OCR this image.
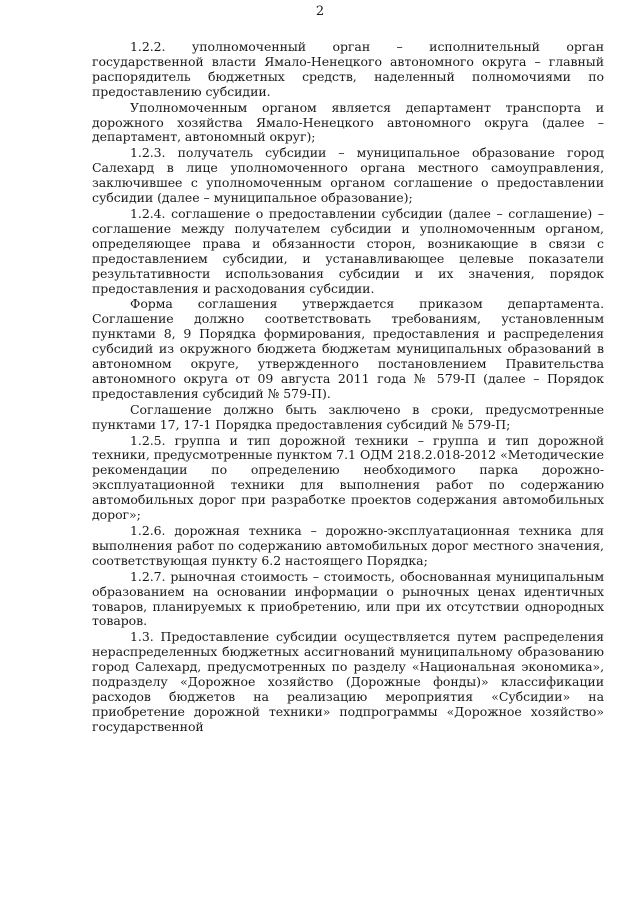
2

1.2.2. уполномоченный орган – исполнительный орган государственной власти Ямало-Ненецкого автономного округа – главный распорядитель бюджетных средств, наделенный полномочиями по предоставлению субсидии.

Уполномоченным органом является департамент транспорта и дорожного хозяйства Ямало-Ненецкого автономного округа (далее – департамент, автономный округ);

1.2.3. получатель субсидии – муниципальное образование город Салехард в лице уполномоченного органа местного самоуправления, заключившее с уполномоченным органом соглашение о предоставлении субсидии (далее – муниципальное образование);

1.2.4. соглашение о предоставлении субсидии (далее – соглашение) – соглашение между получателем субсидии и уполномоченным органом, определяющее права и обязанности сторон, возникающие в связи с предоставлением субсидии, и устанавливающее целевые показатели результативности использования субсидии и их значения, порядок предоставления и расходования субсидии.

Форма соглашения утверждается приказом департамента. Соглашение должно соответствовать требованиям, установленным пунктами 8, 9 Порядка формирования, предоставления и распределения субсидий из окружного бюджета бюджетам муниципальных образований в автономном округе, утвержденного постановлением Правительства автономного округа от 09 августа 2011 года № 579-П (далее – Порядок предоставления субсидий № 579-П).

Соглашение должно быть заключено в сроки, предусмотренные пунктами 17, 17-1 Порядка предоставления субсидий № 579-П;

1.2.5. группа и тип дорожной техники – группа и тип дорожной техники, предусмотренные пунктом 7.1 ОДМ 218.2.018-2012 «Методические рекомендации по определению необходимого парка дорожно-эксплуатационной техники для выполнения работ по содержанию автомобильных дорог при разработке проектов содержания автомобильных дорог»;

1.2.6. дорожная техника – дорожно-эксплуатационная техника для выполнения работ по содержанию автомобильных дорог местного значения, соответствующая пункту 6.2 настоящего Порядка;

1.2.7. рыночная стоимость – стоимость, обоснованная муниципальным образованием на основании информации о рыночных ценах идентичных товаров, планируемых к приобретению, или при их отсутствии однородных товаров.

1.3. Предоставление субсидии осуществляется путем распределения нераспределенных бюджетных ассигнований муниципальному образованию город Салехард, предусмотренных по разделу «Национальная экономика», подразделу «Дорожное хозяйство (Дорожные фонды)» классификации расходов бюджетов на реализацию мероприятия «Субсидии» на приобретение дорожной техники» подпрограммы «Дорожное хозяйство» государственной
